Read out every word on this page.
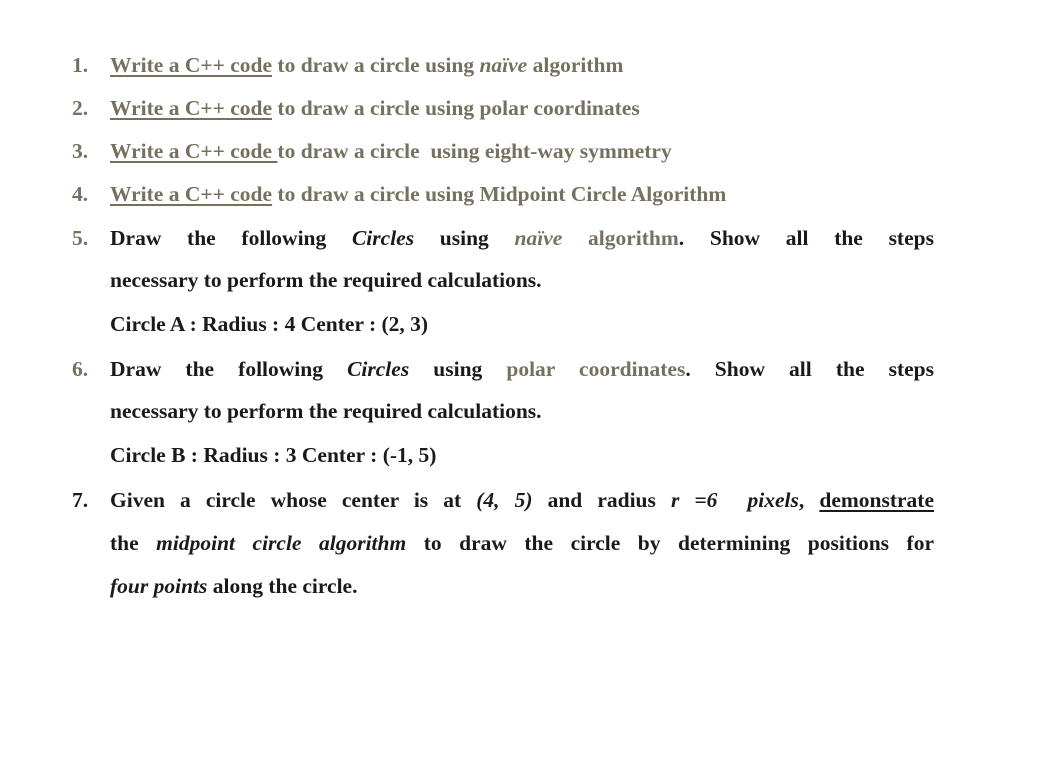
1. Write a C++ code to draw a circle using naïve algorithm
2. Write a C++ code to draw a circle using polar coordinates
3. Write a C++ code to draw a circle  using eight-way symmetry
4. Write a C++ code to draw a circle using Midpoint Circle Algorithm
5. Draw the following Circles using naïve algorithm. Show all the steps
necessary to perform the required calculations.
Circle A : Radius : 4 Center : (2, 3)
6. Draw the following Circles using polar coordinates. Show all the steps
necessary to perform the required calculations.
Circle B : Radius : 3 Center : (-1, 5)
7. Given a circle whose center is at (4, 5) and radius r =6  pixels, demonstrate
the midpoint circle algorithm to draw the circle by determining positions for
four points along the circle.
